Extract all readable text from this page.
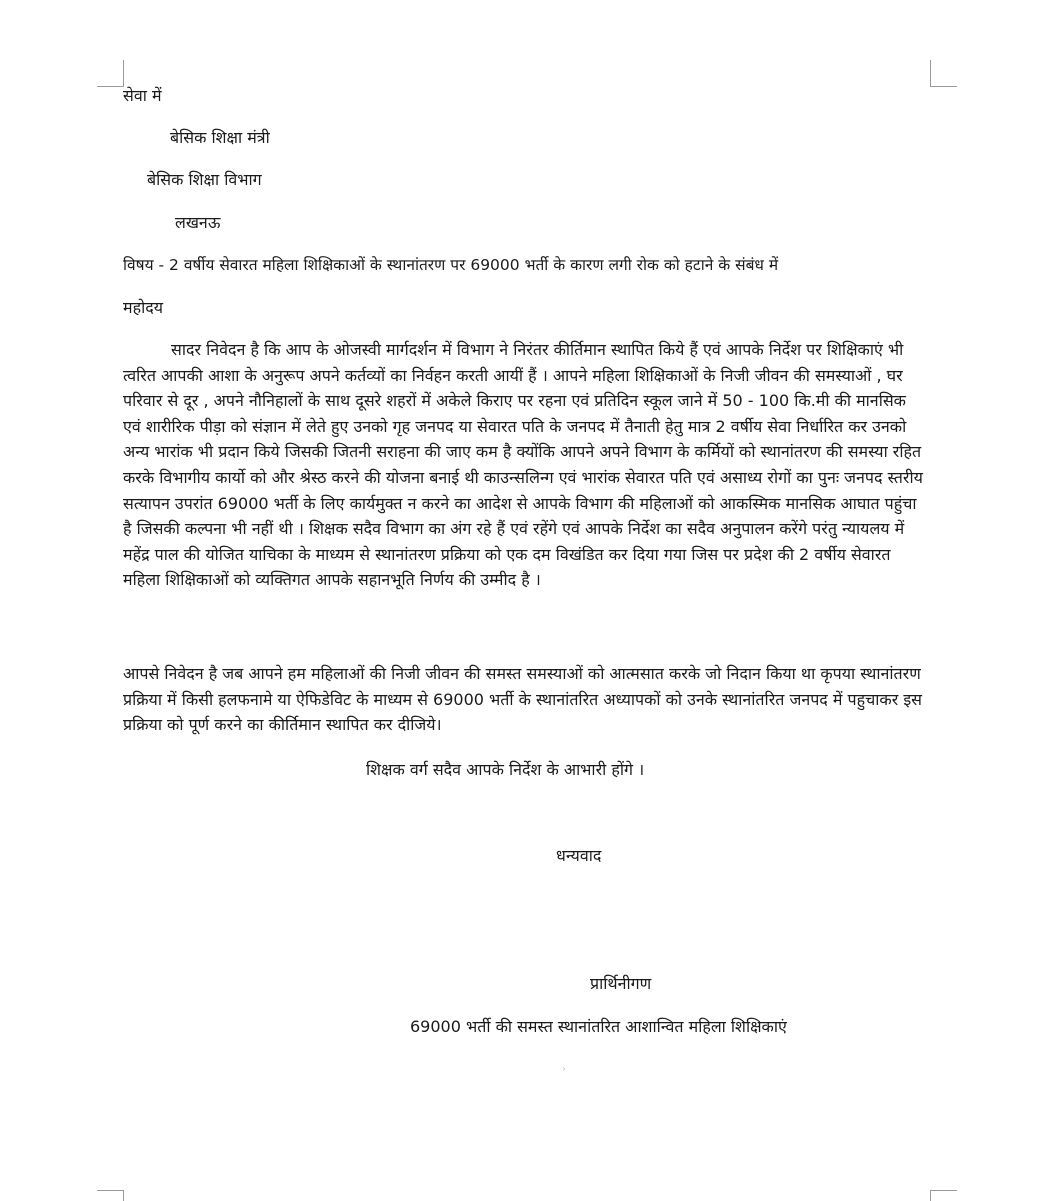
सेवा में
बेसिक शिक्षा मंत्री
बेसिक शिक्षा विभाग
लखनऊ
विषय - 2 वर्षीय सेवारत महिला शिक्षिकाओं के स्थानांतरण पर 69000 भर्ती के कारण लगी रोक को हटाने के संबंध में
महोदय
सादर निवेदन है कि आप के ओजस्वी मार्गदर्शन में विभाग ने निरंतर कीर्तिमान स्थापित किये हैं एवं आपके निर्देश पर शिक्षिकाएं भी त्वरित आपकी आशा के अनुरूप अपने कर्तव्यों का निर्वहन करती आयीं हैं । आपने महिला शिक्षिकाओं के निजी जीवन की समस्याओं , घर परिवार से दूर , अपने नौनिहालों के साथ दूसरे शहरों में अकेले किराए पर रहना एवं प्रतिदिन स्कूल जाने में 50 - 100 कि.मी की मानसिक एवं शारीरिक पीड़ा को संज्ञान में लेते हुए उनको गृह जनपद या सेवारत पति के जनपद में तैनाती हेतु मात्र 2 वर्षीय सेवा निर्धारित कर उनको अन्य भारांक भी प्रदान किये जिसकी जितनी सराहना की जाए कम है क्योंकि आपने अपने विभाग के कर्मियों को स्थानांतरण की समस्या रहित करके विभागीय कार्यो को और श्रेस्ठ करने की योजना बनाई थी काउन्सलिन्ग एवं भारांक सेवारत पति एवं असाध्य रोगों का पुनः जनपद स्तरीय सत्यापन उपरांत 69000 भर्ती के लिए कार्यमुक्त न करने का आदेश से आपके विभाग की महिलाओं को आकस्मिक मानसिक आघात पहुंचा है जिसकी कल्पना भी नहीं थी । शिक्षक सदैव विभाग का अंग रहे हैं एवं रहेंगे एवं आपके निर्देश का सदैव अनुपालन करेंगे परंतु न्यायलय में महेंद्र पाल की योजित याचिका के माध्यम से स्थानांतरण प्रक्रिया को एक दम विखंडित कर दिया गया जिस पर प्रदेश की 2 वर्षीय सेवारत महिला शिक्षिकाओं को व्यक्तिगत आपके सहानभूति निर्णय की उम्मीद है ।
आपसे निवेदन है जब आपने हम महिलाओं की निजी जीवन की समस्त समस्याओं को आत्मसात करके जो निदान किया था कृपया स्थानांतरण प्रक्रिया में किसी हलफनामे या ऐफिडेविट के माध्यम से 69000 भर्ती के स्थानांतरित अध्यापकों को उनके स्थानांतरित जनपद में पहुचाकर इस प्रक्रिया को पूर्ण करने का कीर्तिमान स्थापित कर दीजिये।
शिक्षक वर्ग सदैव आपके निर्देश के आभारी होंगे ।
धन्यवाद
प्रार्थिनीगण
69000 भर्ती की समस्त स्थानांतरित आशान्वित महिला शिक्षिकाएं
›
